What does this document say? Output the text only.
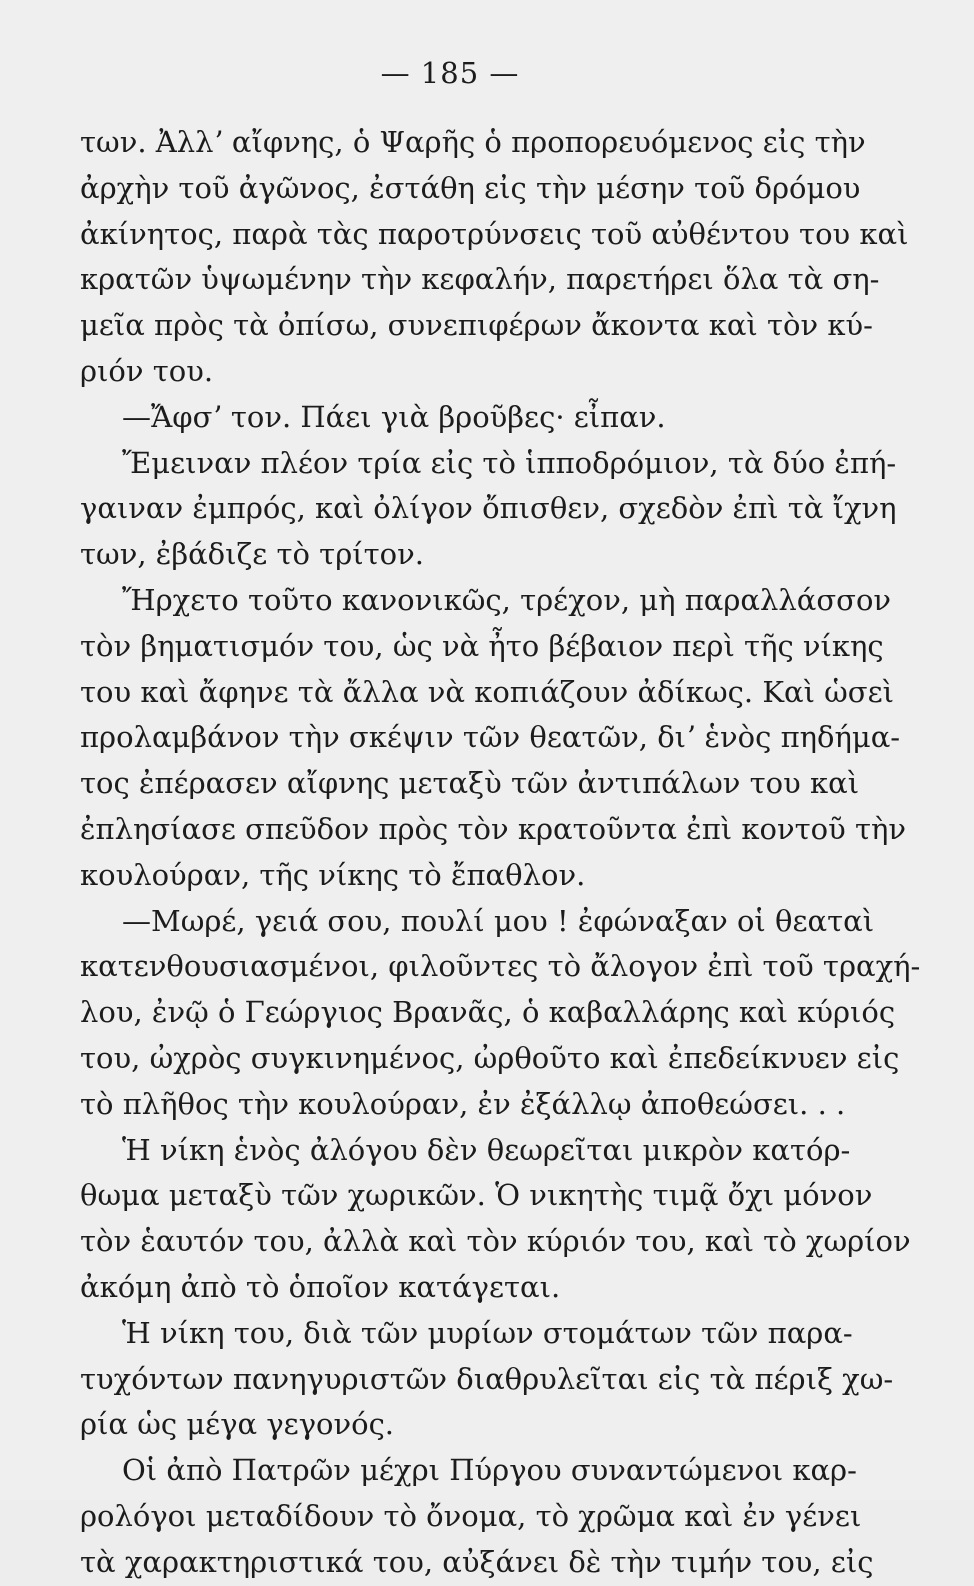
— 185 —
των. Ἀλλʼ αἴφνης, ὁ Ψαρῆς ὁ προπορευόμενος εἰς τὴν
ἀρχὴν τοῦ ἀγῶνος, ἐστάθη εἰς τὴν μέσην τοῦ δρόμου
ἀκίνητος, παρὰ τὰς παροτρύνσεις τοῦ αὐθέντου του καὶ
κρατῶν ὑψωμένην τὴν κεφαλήν, παρετήρει ὅλα τὰ ση-
μεῖα πρὸς τὰ ὀπίσω, συνεπιφέρων ἄκοντα καὶ τὸν κύ-
ριόν του.
—Ἄφσʼ τον. Πάει γιὰ βροῦβες· εἶπαν.
Ἔμειναν πλέον τρία εἰς τὸ ἱπποδρόμιον, τὰ δύο ἐπή-
γαιναν ἐμπρός, καὶ ὀλίγον ὄπισθεν, σχεδὸν ἐπὶ τὰ ἴχνη
των, ἐβάδιζε τὸ τρίτον.
Ἤρχετο τοῦτο κανονικῶς, τρέχον, μὴ παραλλάσσον
τὸν βηματισμόν του, ὡς νὰ ἦτο βέβαιον περὶ τῆς νίκης
του καὶ ἄφηνε τὰ ἄλλα νὰ κοπιάζουν ἀδίκως. Καὶ ὡσεὶ
προλαμβάνον τὴν σκέψιν τῶν θεατῶν, διʼ ἑνὸς πηδήμα-
τος ἐπέρασεν αἴφνης μεταξὺ τῶν ἀντιπάλων του καὶ
ἐπλησίασε σπεῦδον πρὸς τὸν κρατοῦντα ἐπὶ κοντοῦ τὴν
κουλούραν, τῆς νίκης τὸ ἔπαθλον.
—Μωρέ, γειά σου, πουλί μου ! ἐφώναξαν οἱ θεαταὶ
κατενθουσιασμένοι, φιλοῦντες τὸ ἄλογον ἐπὶ τοῦ τραχή-
λου, ἐνῷ ὁ Γεώργιος Βρανᾶς, ὁ καβαλλάρης καὶ κύριός
του, ὠχρὸς συγκινημένος, ὠρθοῦτο καὶ ἐπεδείκνυεν εἰς
τὸ πλῆθος τὴν κουλούραν, ἐν ἐξάλλῳ ἀποθεώσει. . .
Ἡ νίκη ἑνὸς ἀλόγου δὲν θεωρεῖται μικρὸν κατόρ-
θωμα μεταξὺ τῶν χωρικῶν. Ὁ νικητὴς τιμᾷ ὄχι μόνον
τὸν ἑαυτόν του, ἀλλὰ καὶ τὸν κύριόν του, καὶ τὸ χωρίον
ἀκόμη ἀπὸ τὸ ὁποῖον κατάγεται.
Ἡ νίκη του, διὰ τῶν μυρίων στομάτων τῶν παρα-
τυχόντων πανηγυριστῶν διαθρυλεῖται εἰς τὰ πέριξ χω-
ρία ὡς μέγα γεγονός.
Οἱ ἀπὸ Πατρῶν μέχρι Πύργου συναντώμενοι καρ-
ρολόγοι μεταδίδουν τὸ ὄνομα, τὸ χρῶμα καὶ ἐν γένει
τὰ χαρακτηριστικά του, αὐξάνει δὲ τὴν τιμήν του, εἰς
